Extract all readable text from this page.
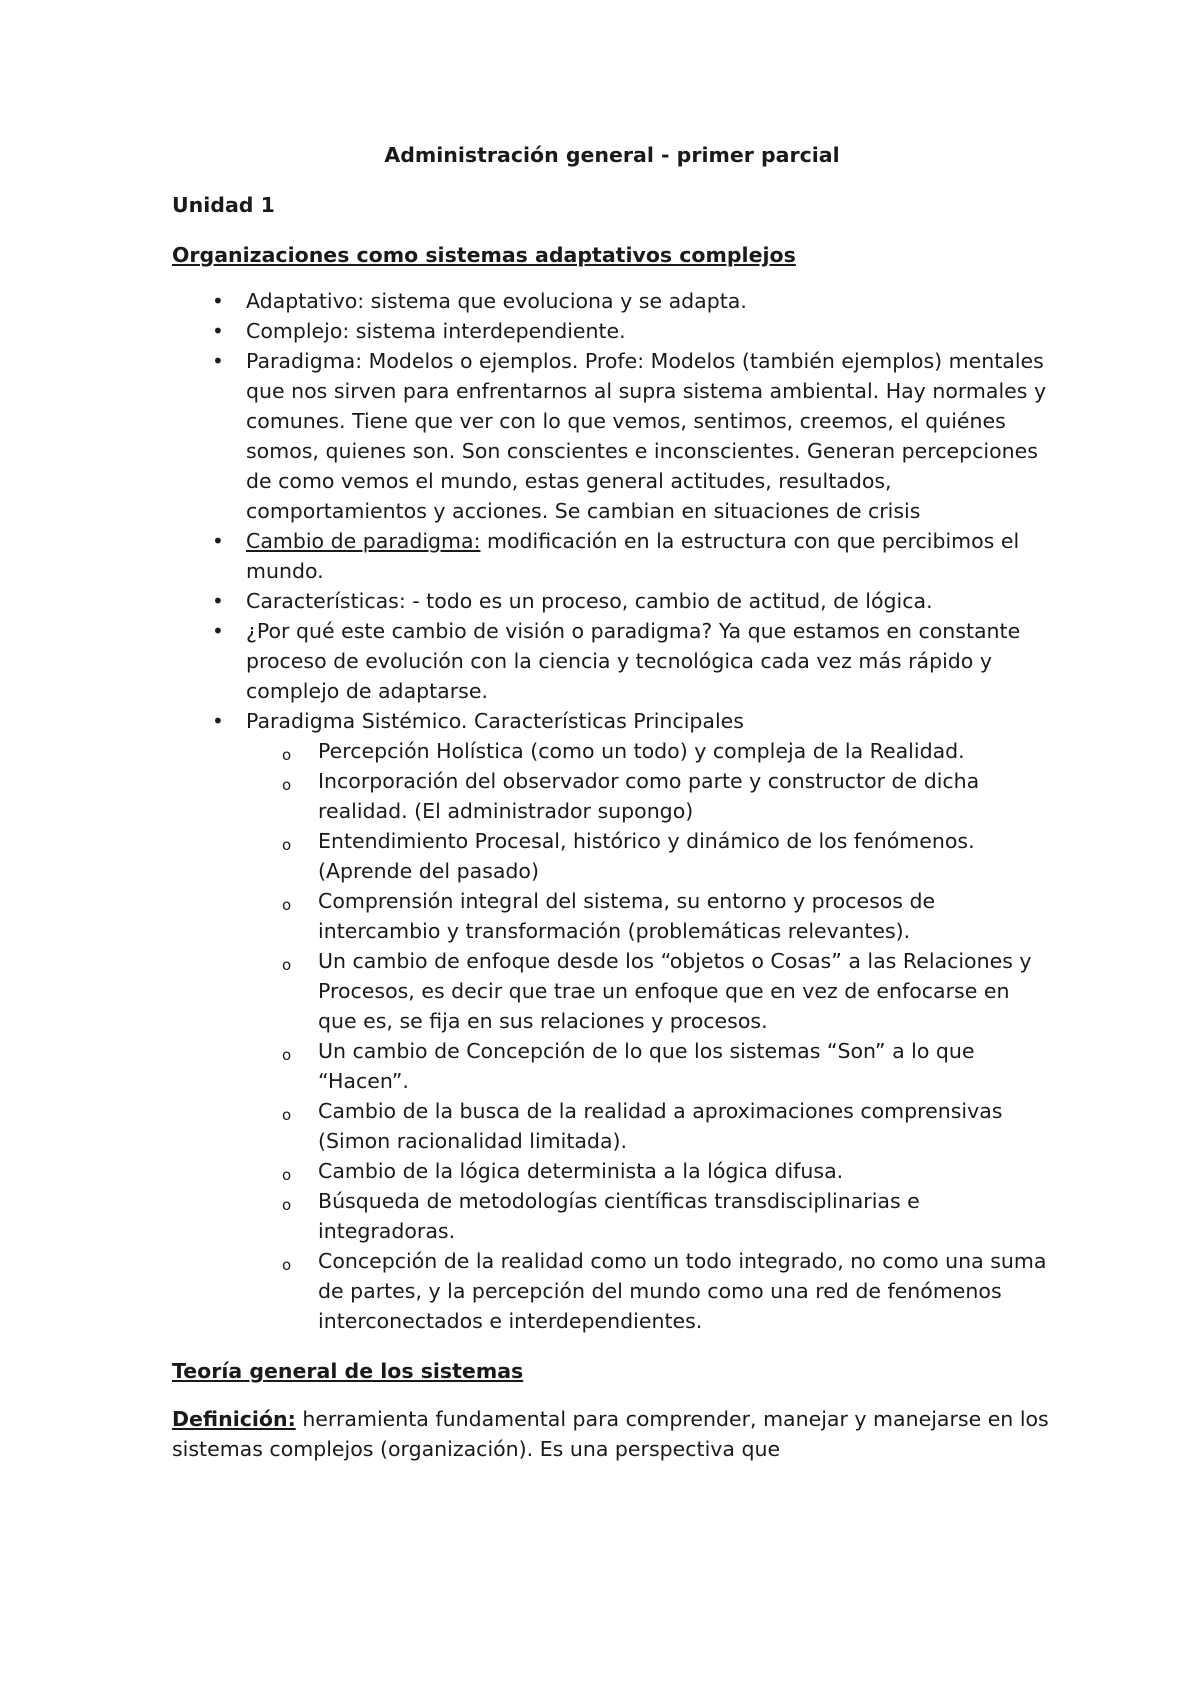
Administración general - primer parcial

Unidad 1
Organizaciones como sistemas adaptativos complejos
• Adaptativo: sistema que evoluciona y se adapta.
• Complejo: sistema interdependiente.
• Paradigma: Modelos o ejemplos. Profe: Modelos (también ejemplos) mentales que nos sirven para enfrentarnos al supra sistema ambiental. Hay normales y comunes. Tiene que ver con lo que vemos, sentimos, creemos, el quiénes somos, quienes son. Son conscientes e inconscientes. Generan percepciones de como vemos el mundo, estas general actitudes, resultados, comportamientos y acciones. Se cambian en situaciones de crisis
• Cambio de paradigma: modificación en la estructura con que percibimos el mundo.
• Características: - todo es un proceso, cambio de actitud, de lógica.
• ¿Por qué este cambio de visión o paradigma? Ya que estamos en constante proceso de evolución con la ciencia y tecnológica cada vez más rápido y complejo de adaptarse.
• Paradigma Sistémico. Características Principales
o	Percepción Holística (como un todo) y compleja de la Realidad.
o	Incorporación del observador como parte y constructor de dicha realidad. (El administrador supongo)
o	Entendimiento Procesal, histórico y dinámico de los fenómenos. (Aprende del pasado)
o	Comprensión integral del sistema, su entorno y procesos de intercambio y transformación (problemáticas relevantes).
o	Un cambio de enfoque desde los “objetos o Cosas” a las Relaciones y Procesos, es decir que trae un enfoque que en vez de enfocarse en que es, se fija en sus relaciones y procesos.
o	Un cambio de Concepción de lo que los sistemas “Son” a lo que “Hacen”.
o	Cambio de la busca de la realidad a aproximaciones comprensivas (Simon racionalidad limitada).
o	Cambio de la lógica determinista a la lógica difusa.
o	Búsqueda de metodologías científicas transdisciplinarias e integradoras.
o	Concepción de la realidad como un todo integrado, no como una suma de partes, y la percepción del mundo como una red de fenómenos interconectados e interdependientes.
Teoría general de los sistemas

Definición: herramienta fundamental para comprender, manejar y manejarse en los sistemas complejos (organización). Es una perspectiva que
